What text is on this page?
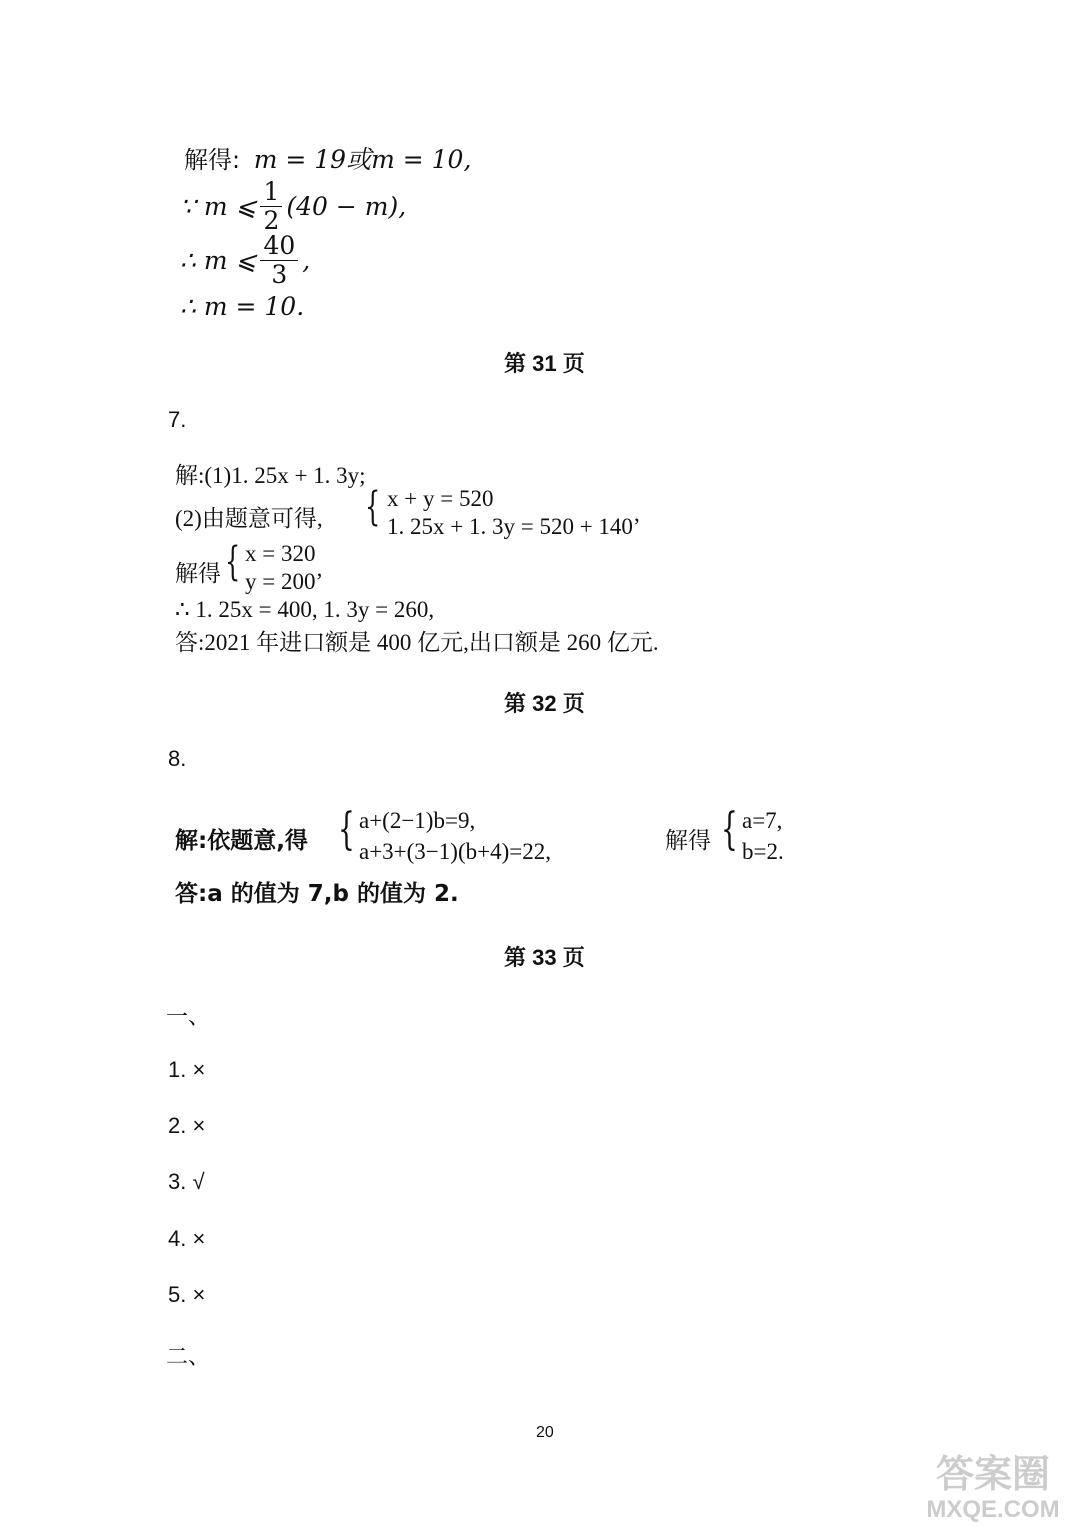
解得: m = 19或m = 10,
∵ m ⩽ $\frac{1}{2} (40 - m)$,
∴ m ⩽ $\frac{40}{3}$ ,
∴ m = 10.
第 31 页
7.
解:(1)1. 25x + 1. 3y;
(2)由题意可得, { x + y = 520
1. 25x + 1. 3y = 520 + 140’
解得 { x = 320
y = 200’
∴ 1. 25x = 400, 1. 3y = 260,
答:2021 年进口额是 400 亿元,出口额是 260 亿元.
第 32 页
8.
解:依题意,得 { a+(2−1)b=9,
a+3+(3−1)(b+4)=22,	解得 { a=7,
b=2.
答:a 的值为 7,b 的值为 2.
第 33 页
一、
1. ×
2. ×
3. √
4. ×
5. ×
二、
20
答案圈
MXQE.COM
